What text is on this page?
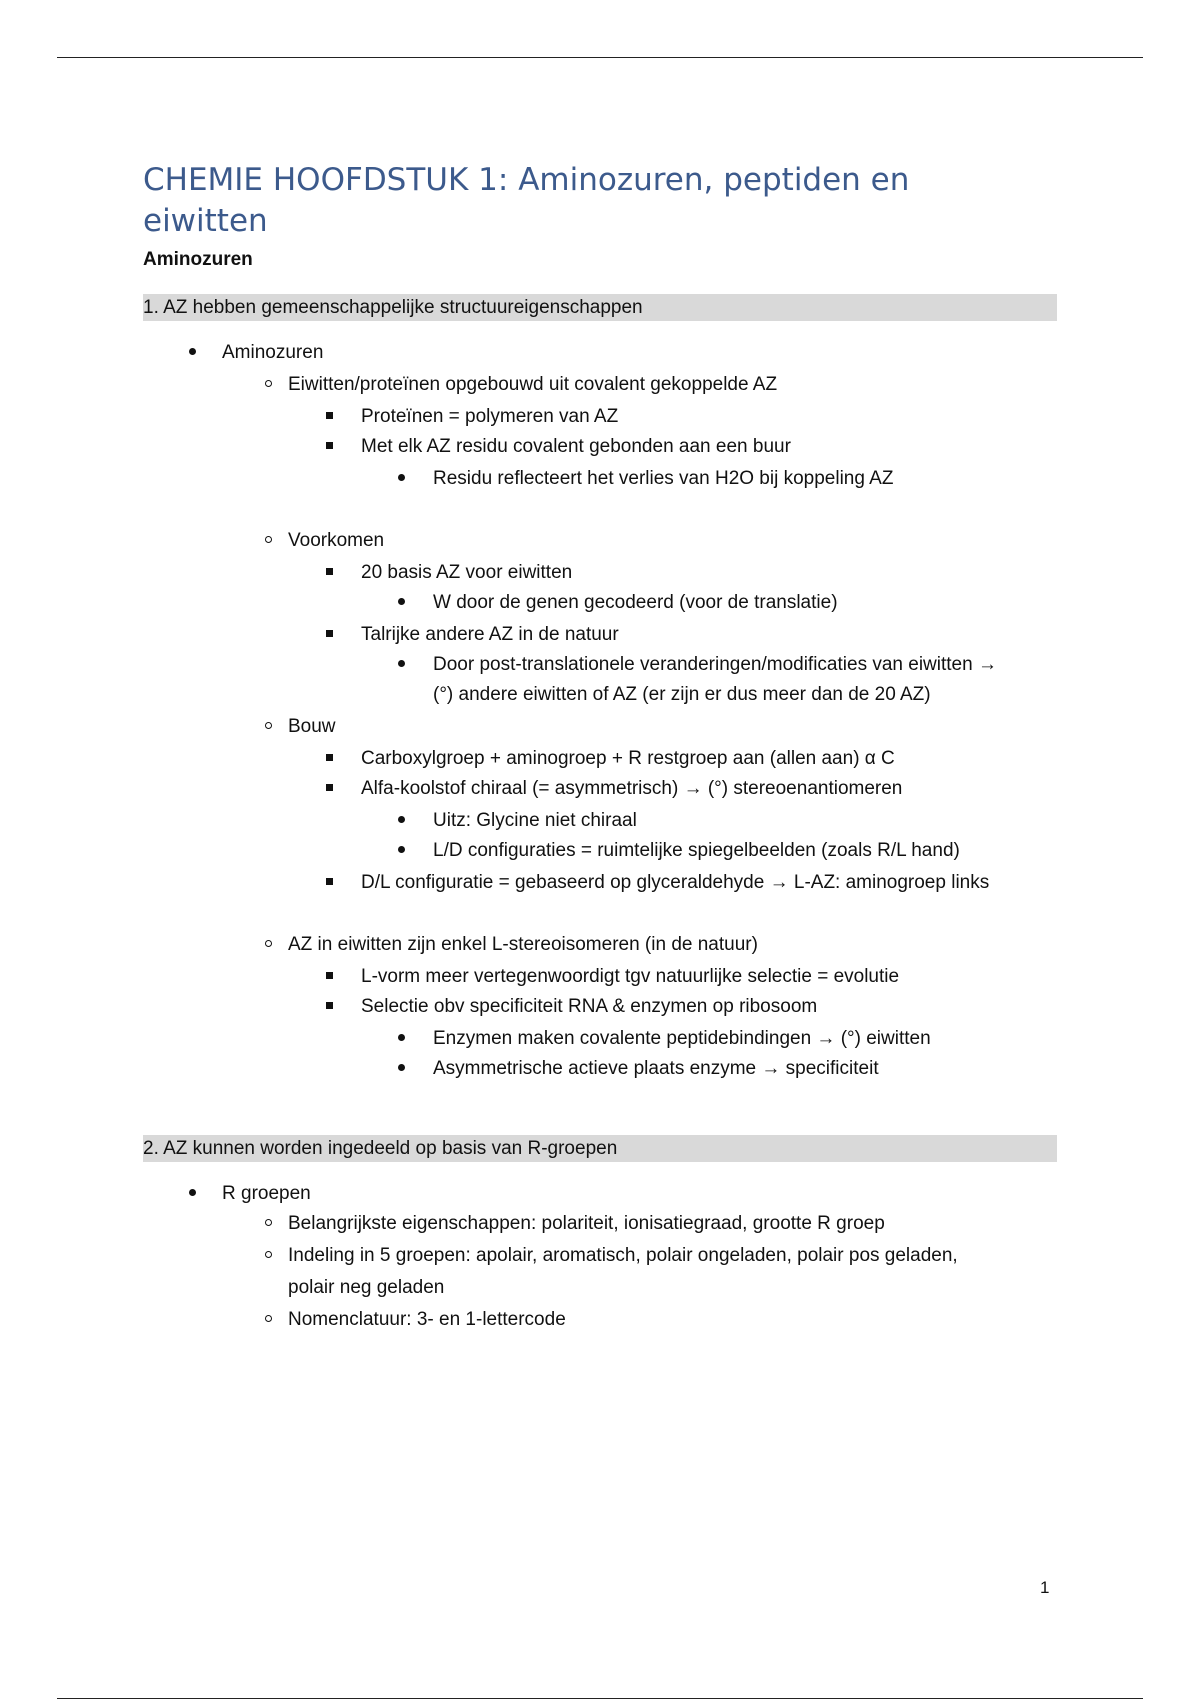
CHEMIE HOOFDSTUK 1: Aminozuren, peptiden en eiwitten
Aminozuren
1. AZ hebben gemeenschappelijke structuureigenschappen
Aminozuren
Eiwitten/proteïnen opgebouwd uit covalent gekoppelde AZ
Proteïnen = polymeren van AZ
Met elk AZ residu covalent gebonden aan een buur
Residu reflecteert het verlies van H2O bij koppeling AZ
Voorkomen
20 basis AZ voor eiwitten
W door de genen gecodeerd (voor de translatie)
Talrijke andere AZ in de natuur
Door post-translationele veranderingen/modificaties van eiwitten →
(°) andere eiwitten of AZ (er zijn er dus meer dan de 20 AZ)
Bouw
Carboxylgroep + aminogroep + R restgroep aan (allen aan) α C
Alfa-koolstof chiraal (= asymmetrisch) → (°) stereoenantiomeren
Uitz: Glycine niet chiraal
L/D configuraties = ruimtelijke spiegelbeelden (zoals R/L hand)
D/L configuratie = gebaseerd op glyceraldehyde → L-AZ: aminogroep links
AZ in eiwitten zijn enkel L-stereoisomeren (in de natuur)
L-vorm meer vertegenwoordigt tgv natuurlijke selectie = evolutie
Selectie obv specificiteit RNA & enzymen op ribosoom
Enzymen maken covalente peptidebindingen → (°) eiwitten
Asymmetrische actieve plaats enzyme → specificiteit
2. AZ kunnen worden ingedeeld op basis van R-groepen
R groepen
Belangrijkste eigenschappen: polariteit, ionisatiegraad, grootte R groep
Indeling in 5 groepen: apolair, aromatisch, polair ongeladen, polair pos geladen,
polair neg geladen
Nomenclatuur: 3- en 1-lettercode
1
